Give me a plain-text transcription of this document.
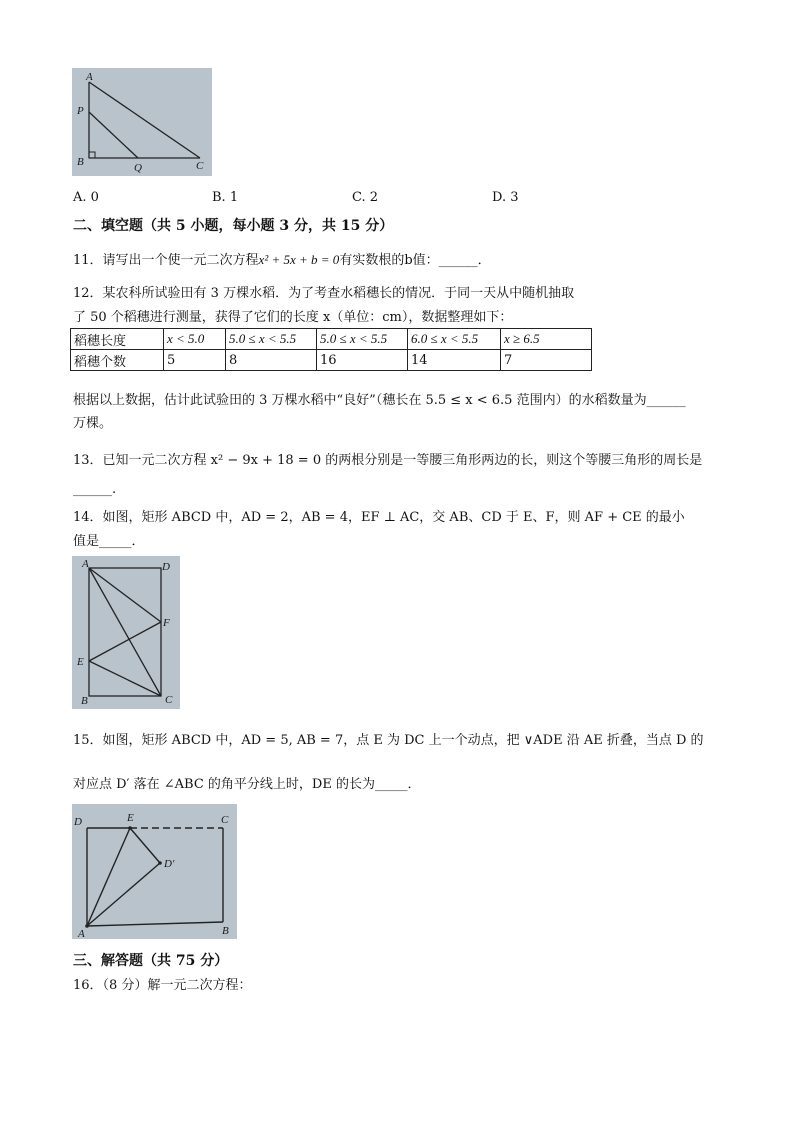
A
P
B	Q	C
A. 0	B. 1	C. 2	D. 3
二、填空题（共 5 小题，每小题 3 分，共 15 分）
11．请写出一个使一元二次方程x² + 5x + b = 0有实数根的b值：______．
12．某农科所试验田有 3 万棵水稻．为了考查水稻穗长的情况．于同一天从中随机抽取
了 50 个稻穗进行测量，获得了它们的长度 x（单位：cm），数据整理如下：
稻穗长度	x < 5.0	5.0 ≤ x < 5.5	5.0 ≤ x < 5.5	6.0 ≤ x < 5.5	x ≥ 6.5
稻穗个数	5	8	16	14	7
根据以上数据，估计此试验田的 3 万棵水稻中“良好”（穗长在 5.5 ≤ x < 6.5 范围内）的水稻数量为______
万棵。
13．已知一元二次方程 x² − 9x + 18 = 0 的两根分别是一等腰三角形两边的长，则这个等腰三角形的周长是
______.
14．如图，矩形 ABCD 中，AD = 2，AB = 4，EF ⊥ AC，交 AB、CD 于 E、F，则 AF + CE 的最小
值是_____．
A	D
F
E
B	C
15．如图，矩形 ABCD 中，AD = 5, AB = 7，点 E 为 DC 上一个动点，把 ∨ADE 沿 AE 折叠，当点 D 的
对应点 D′ 落在 ∠ABC 的角平分线上时，DE 的长为_____．
D	E	C
D'
A	B
三、解答题（共 75 分）
16．（8 分）解一元二次方程：
